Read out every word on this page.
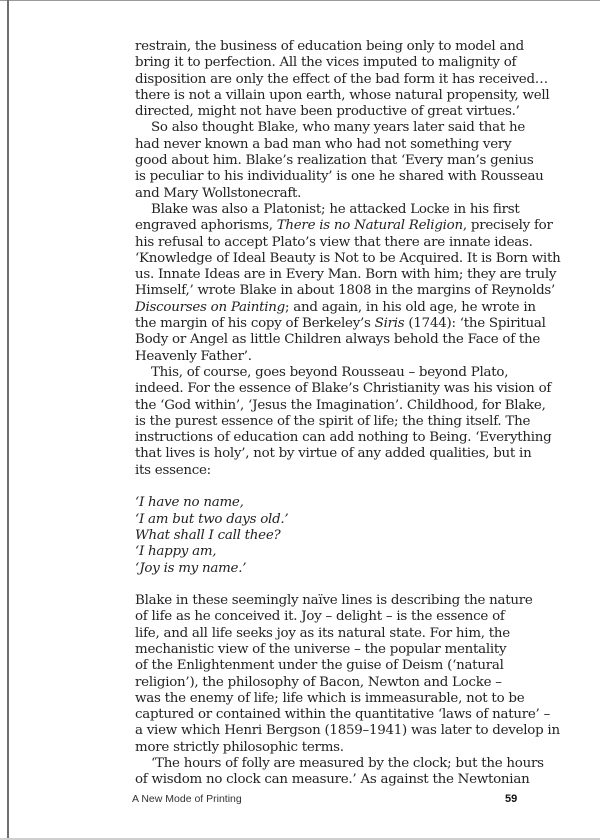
restrain, the business of education being only to model and
bring it to perfection. All the vices imputed to malignity of
disposition are only the effect of the bad form it has received…
there is not a villain upon earth, whose natural propensity, well
directed, might not have been productive of great virtues.’
So also thought Blake, who many years later said that he
had never known a bad man who had not something very
good about him. Blake’s realization that ‘Every man’s genius
is peculiar to his individuality’ is one he shared with Rousseau
and Mary Wollstonecraft.
Blake was also a Platonist; he attacked Locke in his first
engraved aphorisms, There is no Natural Religion, precisely for
his refusal to accept Plato’s view that there are innate ideas.
‘Knowledge of Ideal Beauty is Not to be Acquired. It is Born with
us. Innate Ideas are in Every Man. Born with him; they are truly
Himself,’ wrote Blake in about 1808 in the margins of Reynolds’
Discourses on Painting; and again, in his old age, he wrote in
the margin of his copy of Berkeley’s Siris (1744): ‘the Spiritual
Body or Angel as little Children always behold the Face of the
Heavenly Father’.
This, of course, goes beyond Rousseau – beyond Plato,
indeed. For the essence of Blake’s Christianity was his vision of
the ‘God within’, ‘Jesus the Imagination’. Childhood, for Blake,
is the purest essence of the spirit of life; the thing itself. The
instructions of education can add nothing to Being. ‘Everything
that lives is holy’, not by virtue of any added qualities, but in
its essence:
‘I have no name,
‘I am but two days old.’
What shall I call thee?
‘I happy am,
‘Joy is my name.’
Blake in these seemingly naïve lines is describing the nature
of life as he conceived it. Joy – delight – is the essence of
life, and all life seeks joy as its natural state. For him, the
mechanistic view of the universe – the popular mentality
of the Enlightenment under the guise of Deism (‘natural
religion’), the philosophy of Bacon, Newton and Locke –
was the enemy of life; life which is immeasurable, not to be
captured or contained within the quantitative ‘laws of nature’ –
a view which Henri Bergson (1859–1941) was later to develop in
more strictly philosophic terms.
‘The hours of folly are measured by the clock; but the hours
of wisdom no clock can measure.’ As against the Newtonian
A New Mode of Printing	59
